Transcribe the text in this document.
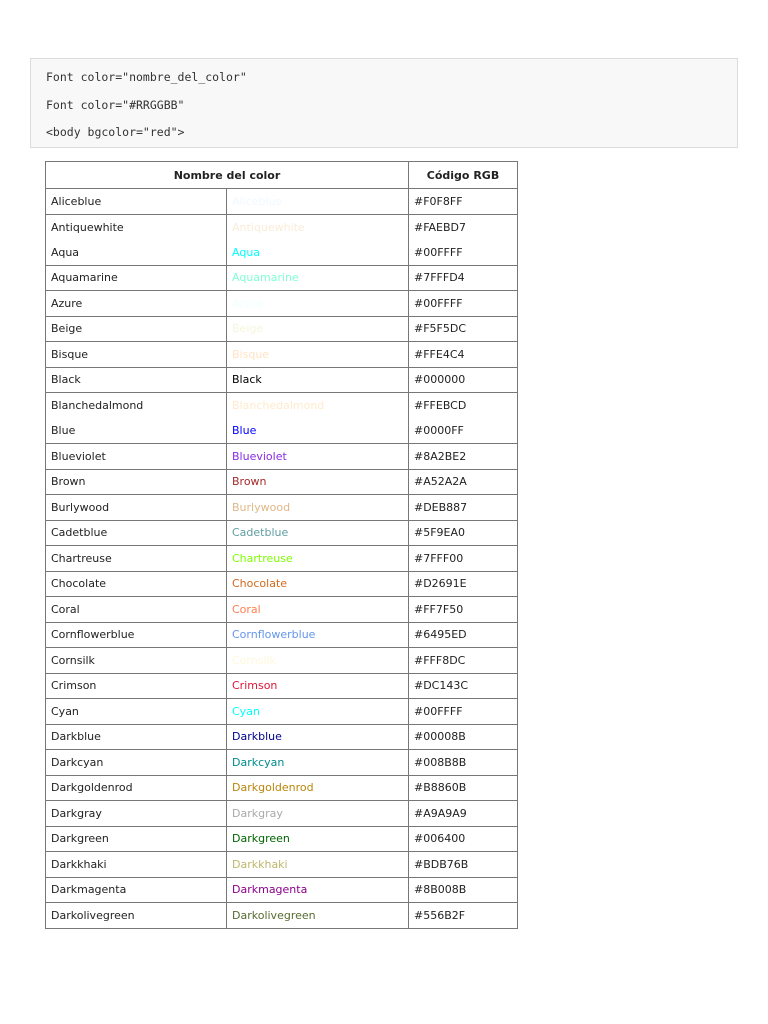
Font color="nombre_del_color"
Font color="#RRGGBB"
<body bgcolor="red">
Nombre del color		Código RGB
Aliceblue	Aliceblue	#F0F8FF
Antiquewhite	Antiquewhite	#FAEBD7
Aqua	Aqua	#00FFFF
Aquamarine	Aquamarine	#7FFFD4
Azure	Azure	#00FFFF
Beige	Beige	#F5F5DC
Bisque	Bisque	#FFE4C4
Black	Black	#000000
Blanchedalmond	Blanchedalmond	#FFEBCD
Blue	Blue	#0000FF
Blueviolet	Blueviolet	#8A2BE2
Brown	Brown	#A52A2A
Burlywood	Burlywood	#DEB887
Cadetblue	Cadetblue	#5F9EA0
Chartreuse	Chartreuse	#7FFF00
Chocolate	Chocolate	#D2691E
Coral	Coral	#FF7F50
Cornflowerblue	Cornflowerblue	#6495ED
Cornsilk	Cornsilk	#FFF8DC
Crimson	Crimson	#DC143C
Cyan	Cyan	#00FFFF
Darkblue	Darkblue	#00008B
Darkcyan	Darkcyan	#008B8B
Darkgoldenrod	Darkgoldenrod	#B8860B
Darkgray	Darkgray	#A9A9A9
Darkgreen	Darkgreen	#006400
Darkkhaki	Darkkhaki	#BDB76B
Darkmagenta	Darkmagenta	#8B008B
Darkolivegreen	Darkolivegreen	#556B2F
